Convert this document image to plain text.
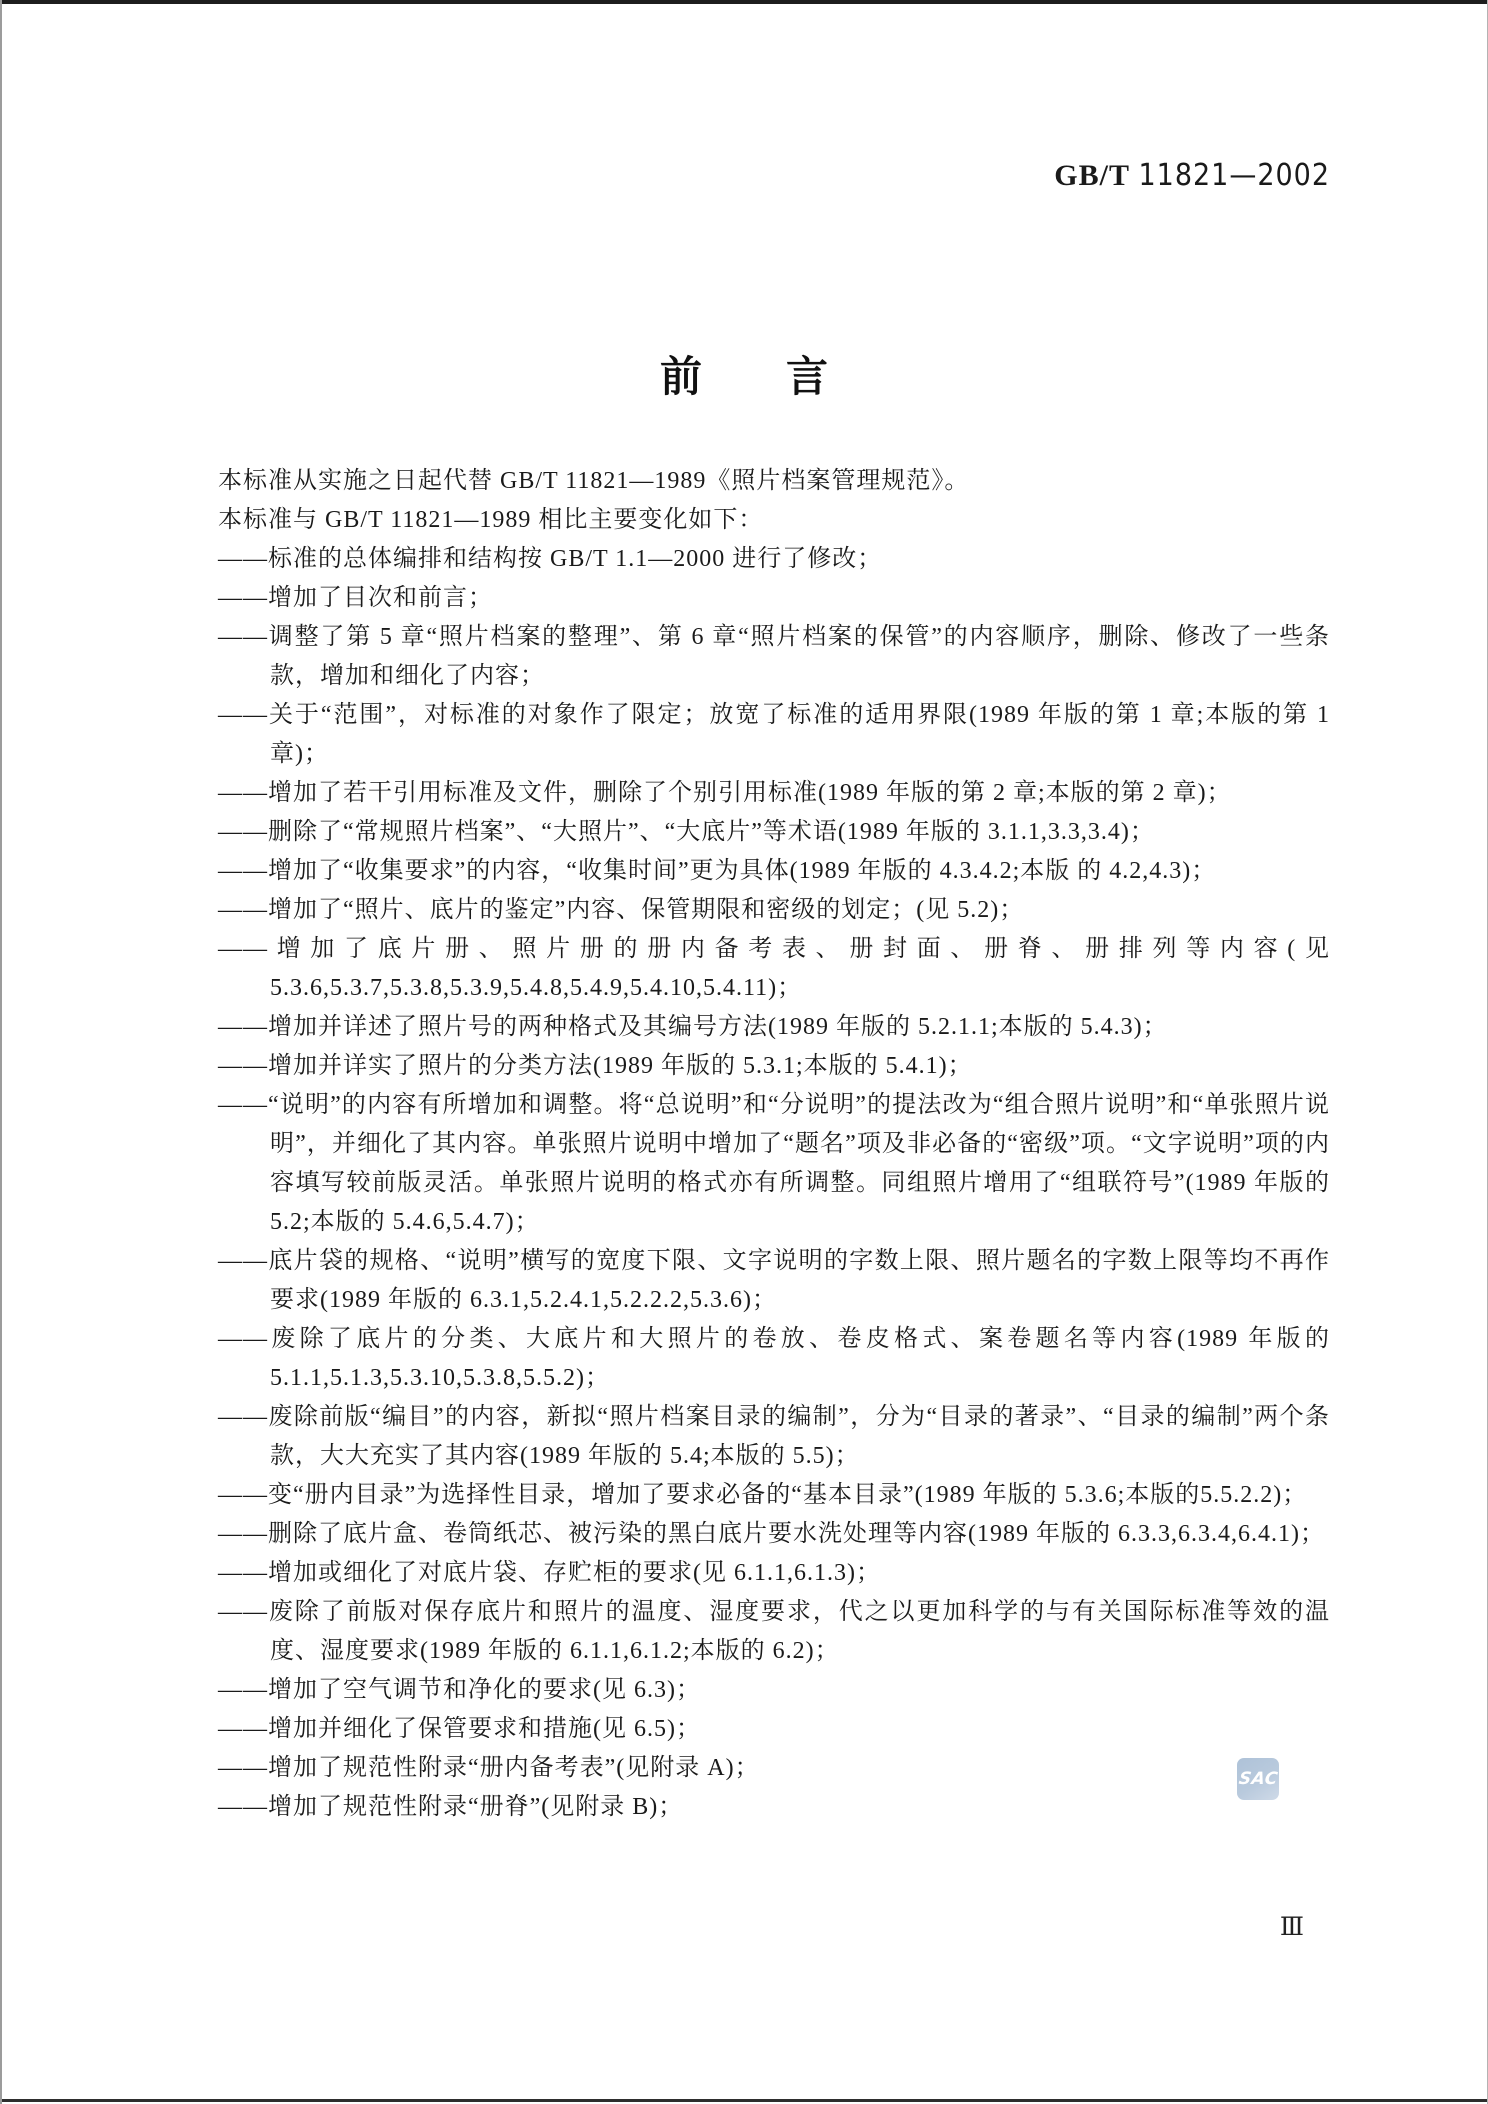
GB/T 11821—2002
前　　言

本标准从实施之日起代替 GB/T 11821—1989《照片档案管理规范》。

本标准与 GB/T 11821—1989 相比主要变化如下：

——标准的总体编排和结构按 GB/T 1.1—2000 进行了修改；

——增加了目次和前言；

——调整了第 5 章“照片档案的整理”、第 6 章“照片档案的保管”的内容顺序，删除、修改了一些条款，增加和细化了内容；

——关于“范围”，对标准的对象作了限定；放宽了标准的适用界限(1989 年版的第 1 章;本版的第 1 章)；

——增加了若干引用标准及文件，删除了个别引用标准(1989 年版的第 2 章;本版的第 2 章)；

——删除了“常规照片档案”、“大照片”、“大底片”等术语(1989 年版的 3.1.1,3.3,3.4)；

——增加了“收集要求”的内容，“收集时间”更为具体(1989 年版的 4.3.4.2;本版 的 4.2,4.3)；

——增加了“照片、底片的鉴定”内容、保管期限和密级的划定；(见 5.2)；

——增加了底片册、照片册的册内备考表、册封面、册脊、册排列等内容(见 5.3.6,5.3.7,5.3.8,5.3.9,5.4.8,5.4.9,5.4.10,5.4.11)；

——增加并详述了照片号的两种格式及其编号方法(1989 年版的 5.2.1.1;本版的 5.4.3)；

——增加并详实了照片的分类方法(1989 年版的 5.3.1;本版的 5.4.1)；

——“说明”的内容有所增加和调整。将“总说明”和“分说明”的提法改为“组合照片说明”和“单张照片说明”，并细化了其内容。单张照片说明中增加了“题名”项及非必备的“密级”项。“文字说明”项的内容填写较前版灵活。单张照片说明的格式亦有所调整。同组照片增用了“组联符号”(1989 年版的 5.2;本版的 5.4.6,5.4.7)；

——底片袋的规格、“说明”横写的宽度下限、文字说明的字数上限、照片题名的字数上限等均不再作要求(1989 年版的 6.3.1,5.2.4.1,5.2.2.2,5.3.6)；

——废除了底片的分类、大底片和大照片的卷放、卷皮格式、案卷题名等内容(1989 年版的 5.1.1,5.1.3,5.3.10,5.3.8,5.5.2)；

——废除前版“编目”的内容，新拟“照片档案目录的编制”，分为“目录的著录”、“目录的编制”两个条款，大大充实了其内容(1989 年版的 5.4;本版的 5.5)；

——变“册内目录”为选择性目录，增加了要求必备的“基本目录”(1989 年版的 5.3.6;本版的5.5.2.2)；

——删除了底片盒、卷筒纸芯、被污染的黑白底片要水洗处理等内容(1989 年版的 6.3.3,6.3.4,6.4.1)；

——增加或细化了对底片袋、存贮柜的要求(见 6.1.1,6.1.3)；

——废除了前版对保存底片和照片的温度、湿度要求，代之以更加科学的与有关国际标准等效的温度、湿度要求(1989 年版的 6.1.1,6.1.2;本版的 6.2)；

——增加了空气调节和净化的要求(见 6.3)；

——增加并细化了保管要求和措施(见 6.5)；

——增加了规范性附录“册内备考表”(见附录 A)；

——增加了规范性附录“册脊”(见附录 B)；

SAC
Ⅲ
